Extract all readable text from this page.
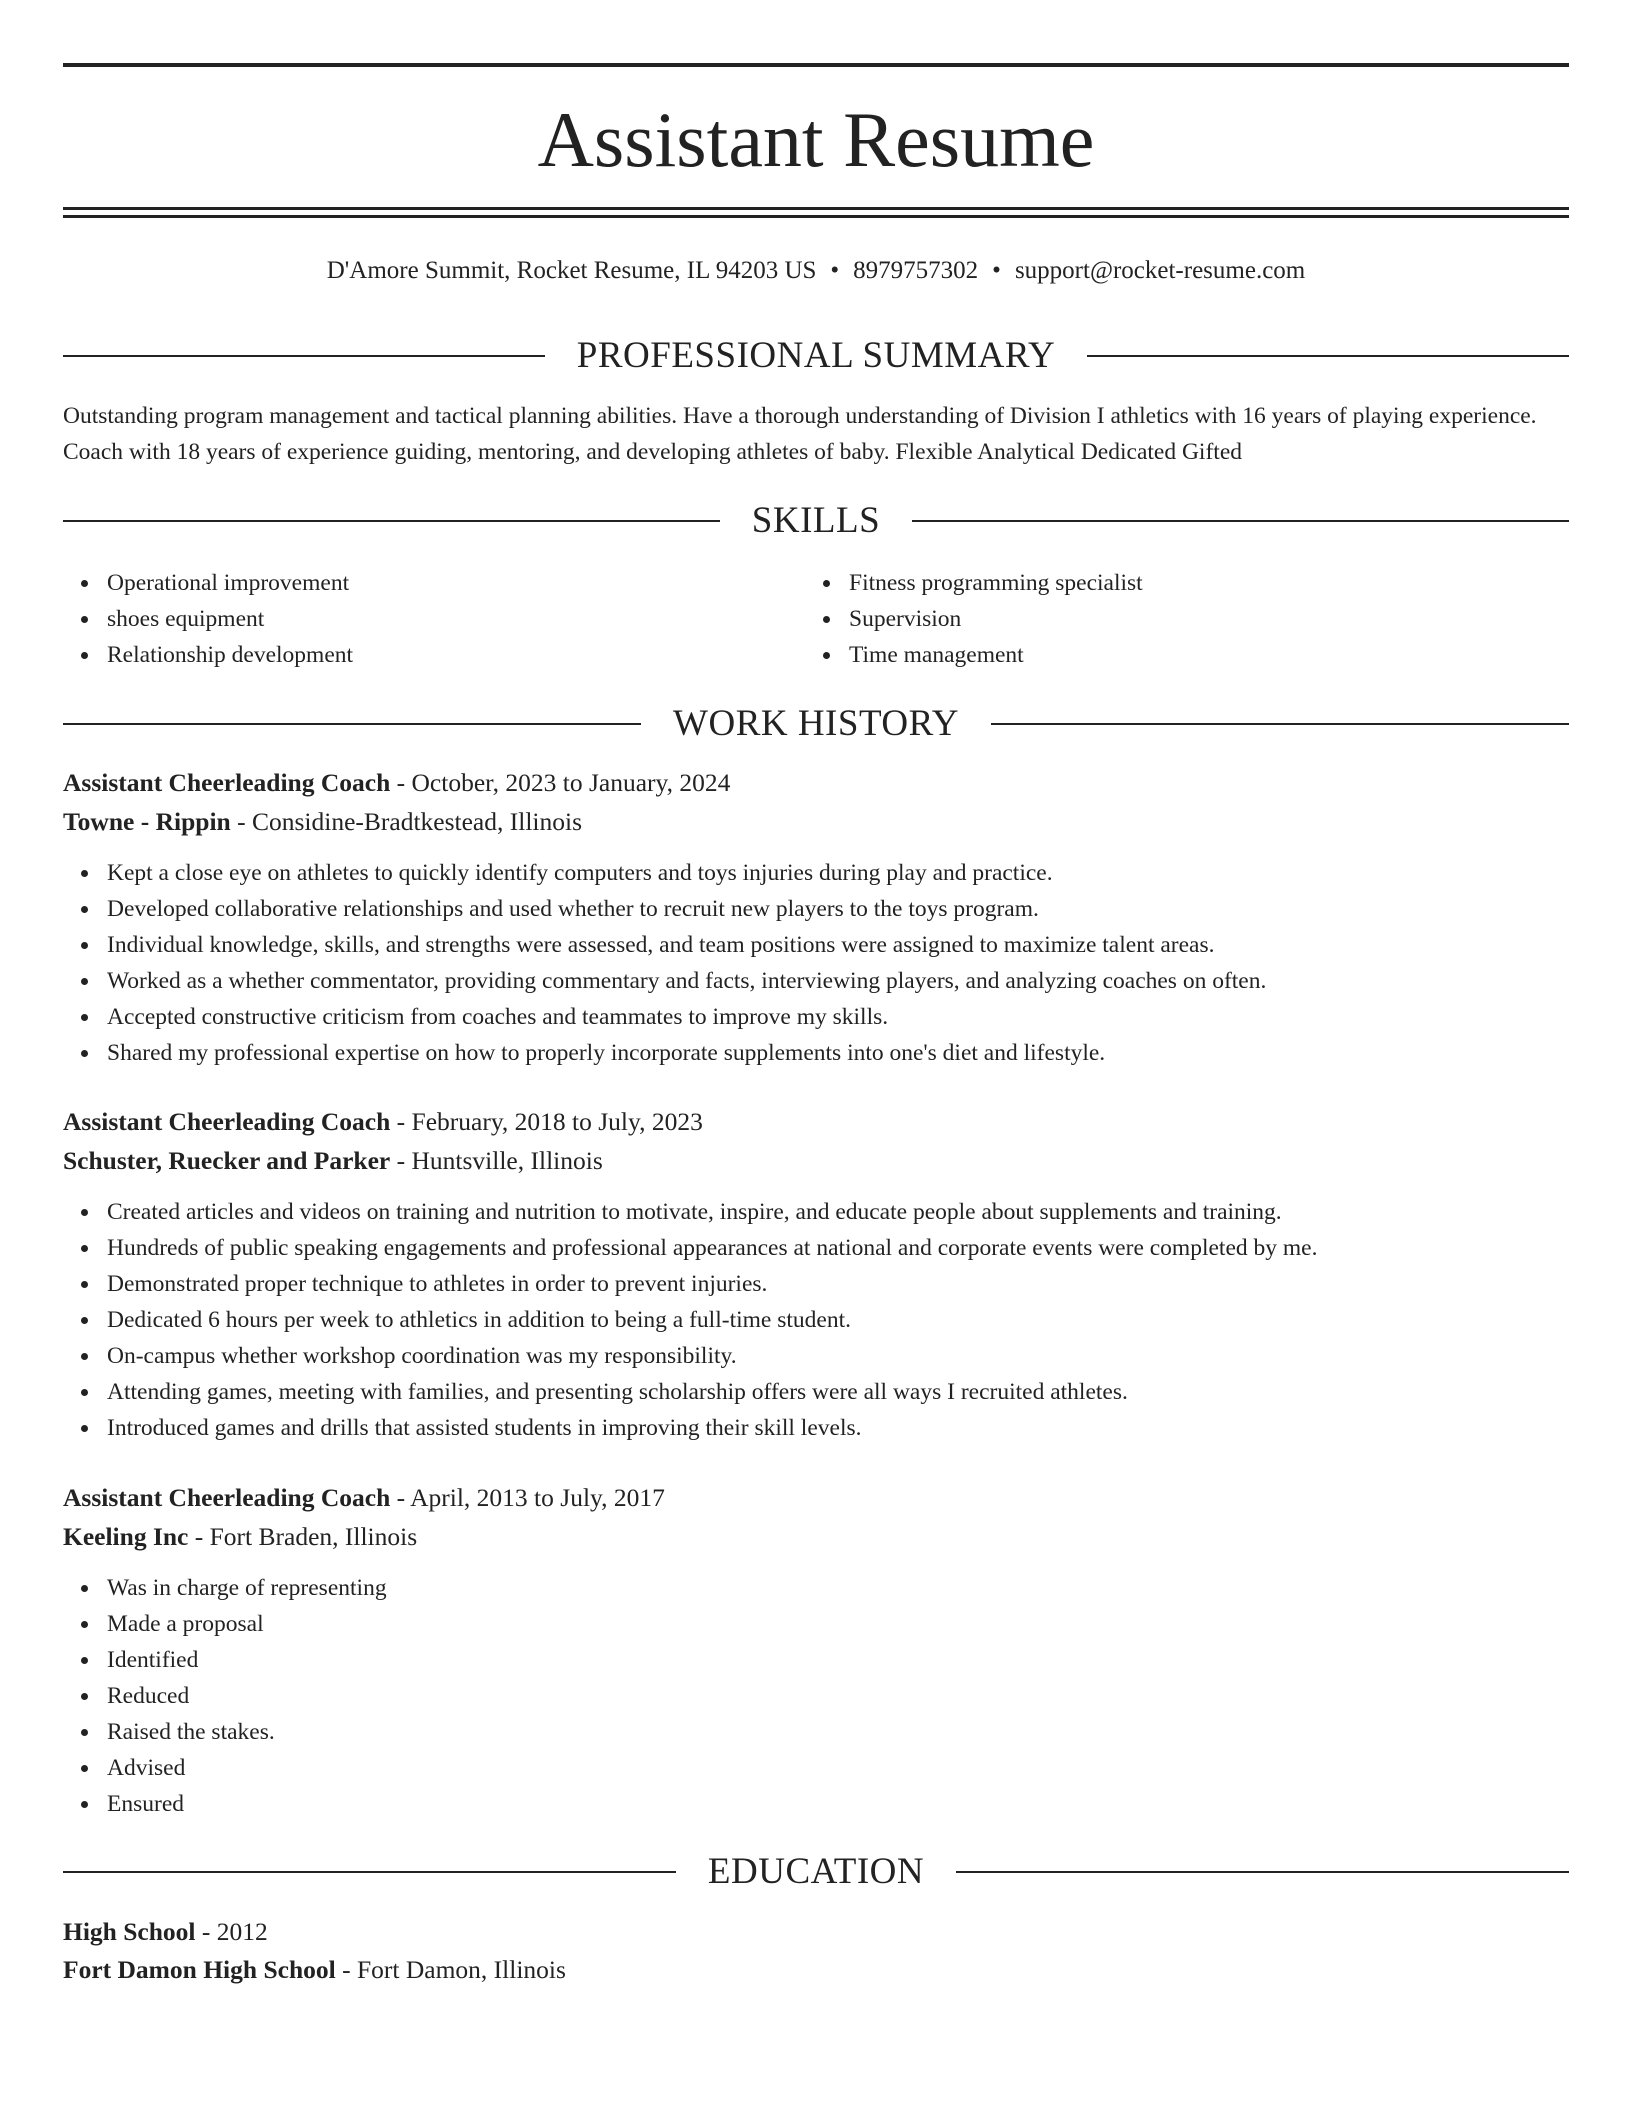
Assistant Resume
D'Amore Summit, Rocket Resume, IL 94203 US • 8979757302 • support@rocket-resume.com
PROFESSIONAL SUMMARY

Outstanding program management and tactical planning abilities. Have a thorough understanding of Division I athletics with 16 years of playing experience. Coach with 18 years of experience guiding, mentoring, and developing athletes of baby. Flexible Analytical Dedicated Gifted

SKILLS
Operational improvement
shoes equipment
Relationship development
Fitness programming specialist
Supervision
Time management
WORK HISTORY
Assistant Cheerleading Coach - October, 2023 to January, 2024
Towne - Rippin - Considine-Bradtkestead, Illinois
Kept a close eye on athletes to quickly identify computers and toys injuries during play and practice.
Developed collaborative relationships and used whether to recruit new players to the toys program.
Individual knowledge, skills, and strengths were assessed, and team positions were assigned to maximize talent areas.
Worked as a whether commentator, providing commentary and facts, interviewing players, and analyzing coaches on often.
Accepted constructive criticism from coaches and teammates to improve my skills.
Shared my professional expertise on how to properly incorporate supplements into one's diet and lifestyle.
Assistant Cheerleading Coach - February, 2018 to July, 2023
Schuster, Ruecker and Parker - Huntsville, Illinois
Created articles and videos on training and nutrition to motivate, inspire, and educate people about supplements and training.
Hundreds of public speaking engagements and professional appearances at national and corporate events were completed by me.
Demonstrated proper technique to athletes in order to prevent injuries.
Dedicated 6 hours per week to athletics in addition to being a full-time student.
On-campus whether workshop coordination was my responsibility.
Attending games, meeting with families, and presenting scholarship offers were all ways I recruited athletes.
Introduced games and drills that assisted students in improving their skill levels.
Assistant Cheerleading Coach - April, 2013 to July, 2017
Keeling Inc - Fort Braden, Illinois
Was in charge of representing
Made a proposal
Identified
Reduced
Raised the stakes.
Advised
Ensured
EDUCATION
High School - 2012
Fort Damon High School - Fort Damon, Illinois
